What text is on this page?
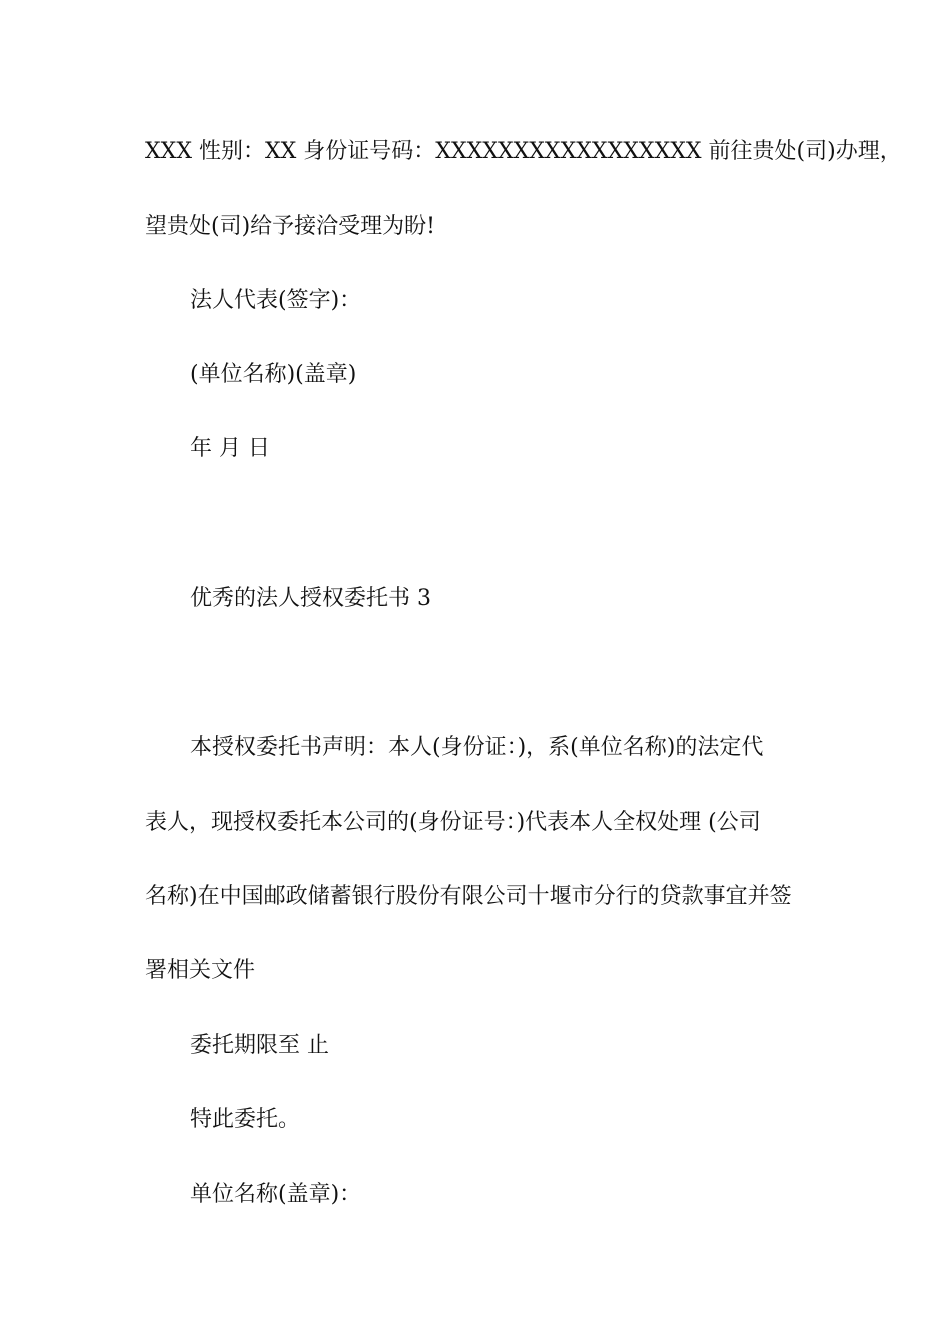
XXX 性别：XX 身份证号码：XXXXXXXXXXXXXXXXX 前往贵处(司)办理，
望贵处(司)给予接洽受理为盼!
法人代表(签字)：
(单位名称)(盖章)
年 月 日
优秀的法人授权委托书 3
本授权委托书声明：本人(身份证：)，系(单位名称)的法定代
表人，现授权委托本公司的(身份证号：)代表本人全权处理 (公司
名称)在中国邮政储蓄银行股份有限公司十堰市分行的贷款事宜并签
署相关文件
委托期限至 止
特此委托。
单位名称(盖章)：
